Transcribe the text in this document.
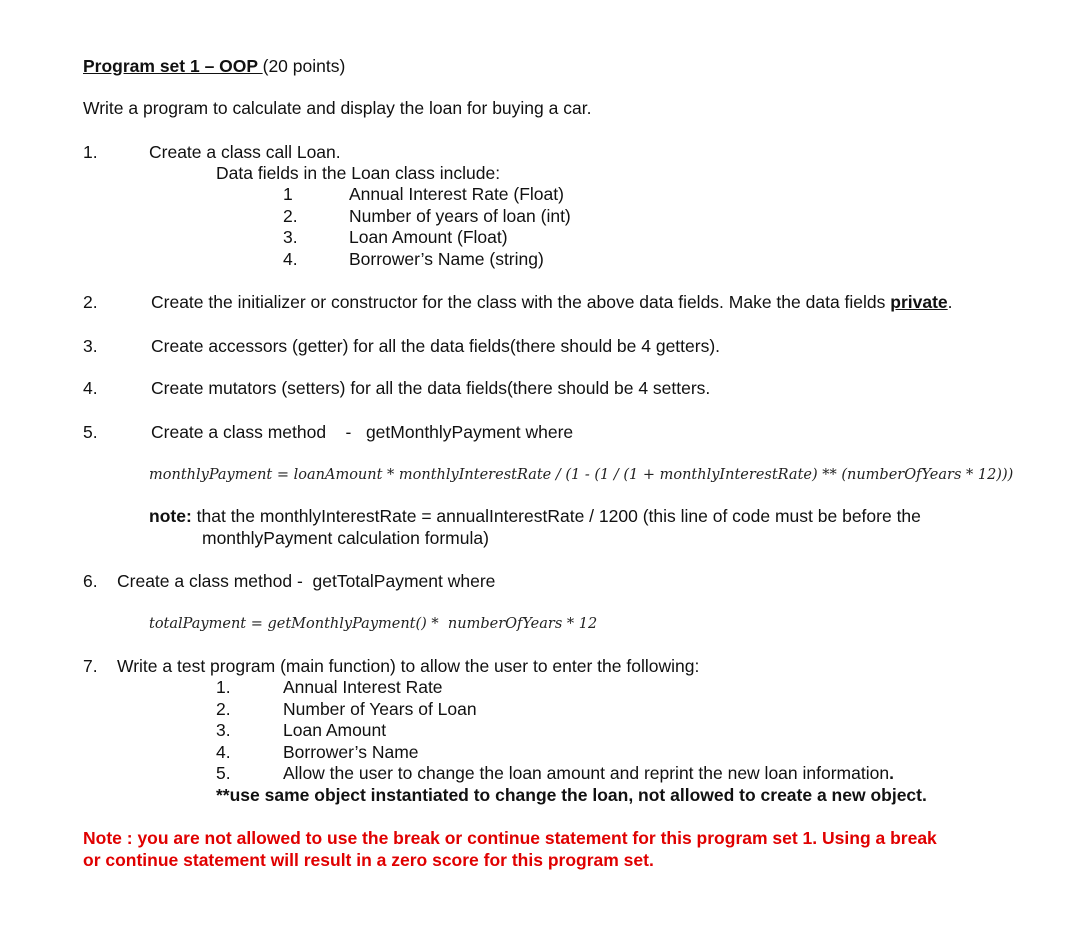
Program set 1 – OOP (20 points)
Write a program to calculate and display the loan for buying a car.
1.	Create a class call Loan.
Data fields in the Loan class include:
1	Annual Interest Rate (Float)
2.	Number of years of loan (int)
3.	Loan Amount (Float)
4.	Borrower’s Name (string)
2.	Create the initializer or constructor for the class with the above data fields. Make the data fields private.
3.	Create accessors (getter) for all the data fields(there should be 4 getters).
4.	Create mutators (setters) for all the data fields(there should be 4 setters.
5.	Create a class method    -   getMonthlyPayment where
monthlyPayment = loanAmount * monthlyInterestRate / (1 - (1 / (1 + monthlyInterestRate) ** (numberOfYears * 12)))
note: that the monthlyInterestRate = annualInterestRate / 1200 (this line of code must be before the
monthlyPayment calculation formula)
6. Create a class method -  getTotalPayment where
totalPayment = getMonthlyPayment() *  numberOfYears * 12
7. Write a test program (main function) to allow the user to enter the following:
1.	Annual Interest Rate
2.	Number of Years of Loan
3.	Loan Amount
4.	Borrower’s Name
5.	Allow the user to change the loan amount and reprint the new loan information.
**use same object instantiated to change the loan, not allowed to create a new object.
Note : you are not allowed to use the break or continue statement for this program set 1. Using a break
or continue statement will result in a zero score for this program set.
